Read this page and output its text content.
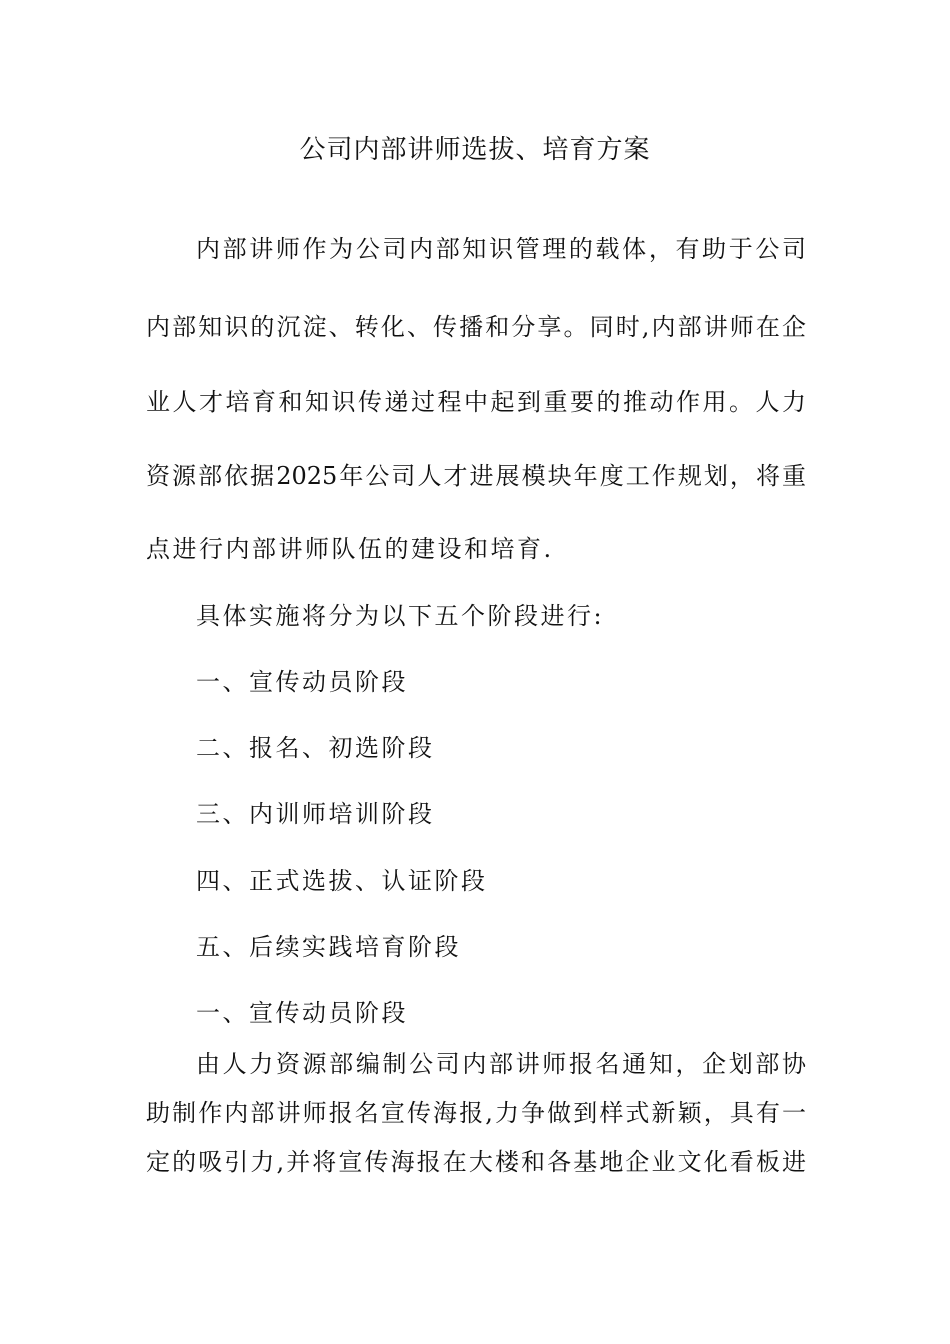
公司内部讲师选拔、培育方案
内部讲师作为公司内部知识管理的载体，有助于公司
内部知识的沉淀、转化、传播和分享。同时,内部讲师在企
业人才培育和知识传递过程中起到重要的推动作用。人力
资源部依据2025年公司人才进展模块年度工作规划，将重
点进行内部讲师队伍的建设和培育.
具体实施将分为以下五个阶段进行:
一、宣传动员阶段
二、报名、初选阶段
三、内训师培训阶段
四、正式选拔、认证阶段
五、后续实践培育阶段
一、宣传动员阶段
由人力资源部编制公司内部讲师报名通知，企划部协
助制作内部讲师报名宣传海报,力争做到样式新颖，具有一
定的吸引力,并将宣传海报在大楼和各基地企业文化看板进
